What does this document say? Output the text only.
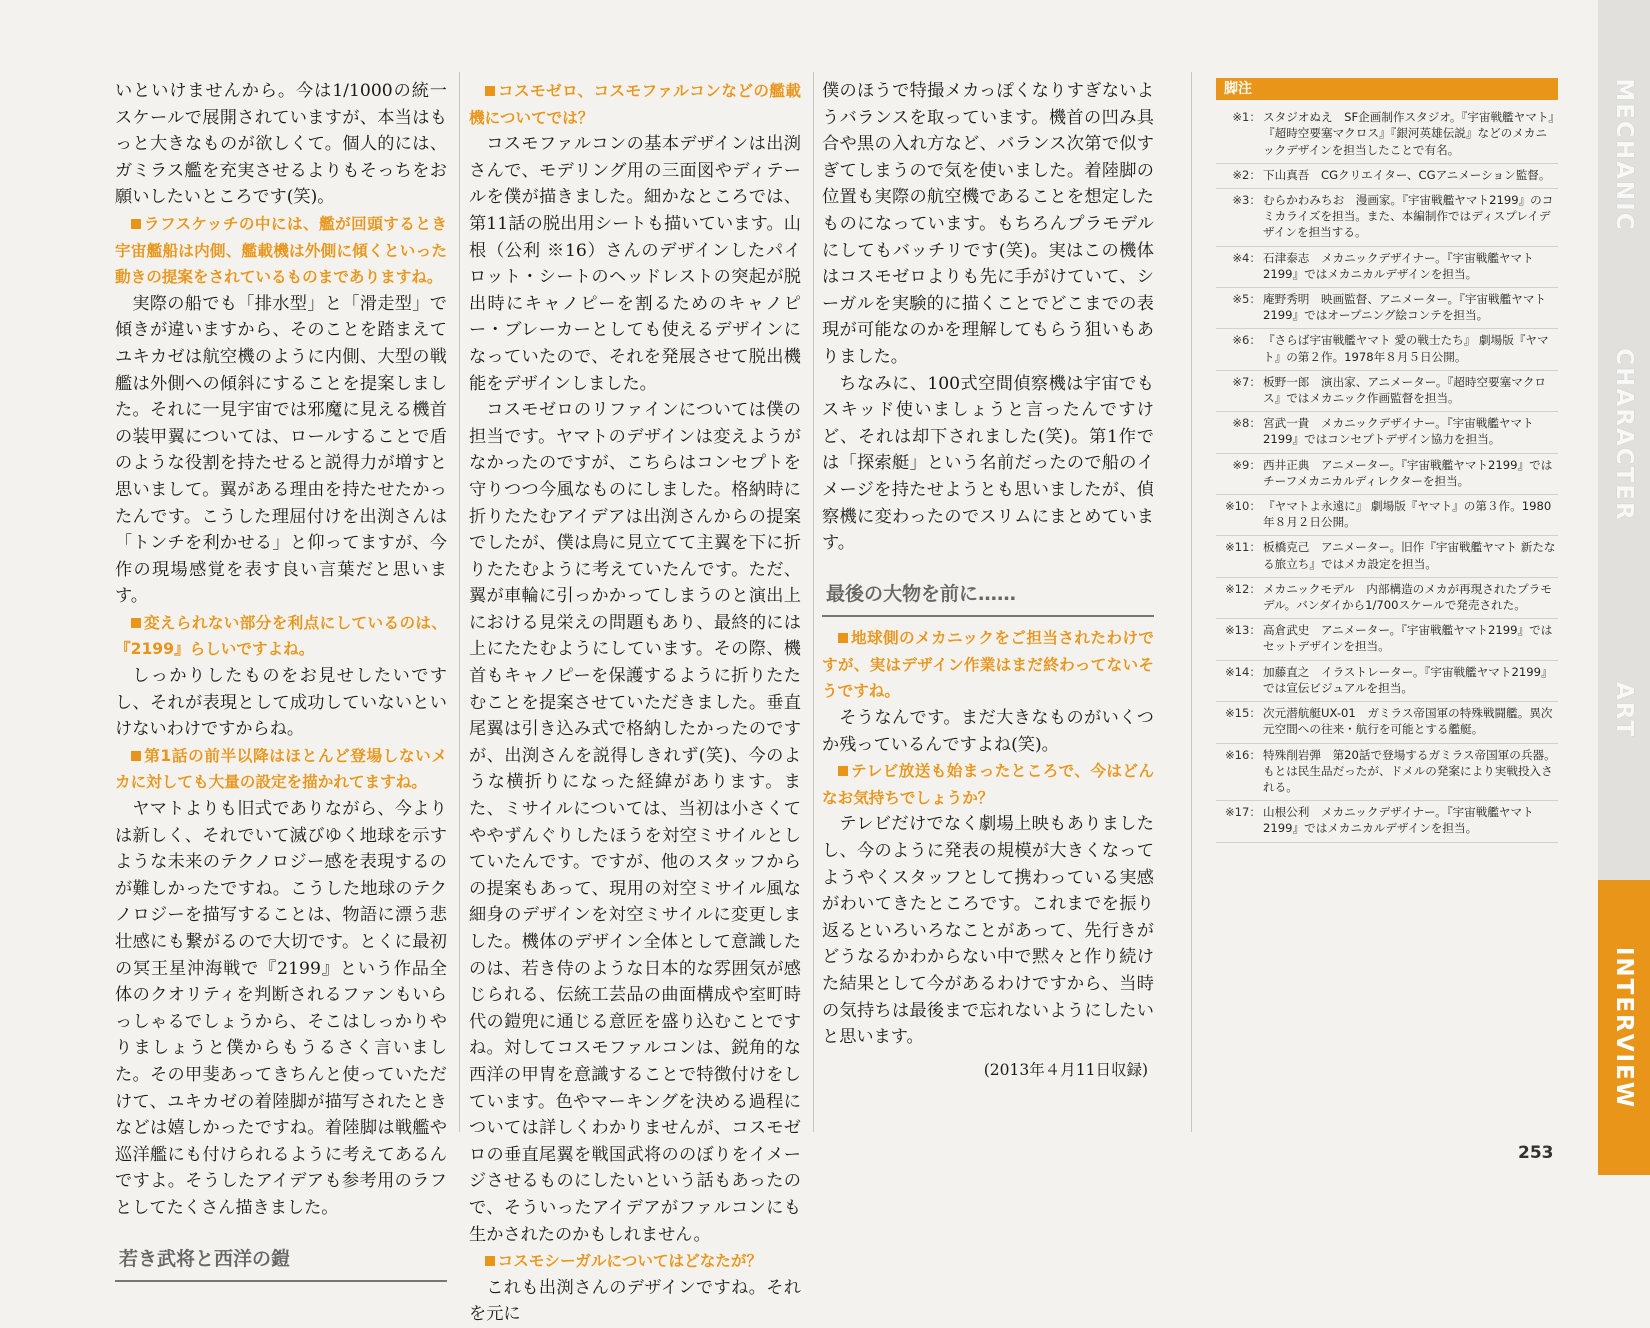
いといけませんから。今は1/1000の統一スケールで展開されていますが、本当はもっと大きなものが欲しくて。個人的には、ガミラス艦を充実させるよりもそっちをお願いしたいところです(笑)。

ラフスケッチの中には、艦が回頭するとき宇宙艦船は内側、艦載機は外側に傾くといった動きの提案をされているものまでありますね。

実際の船でも「排水型」と「滑走型」で傾きが違いますから、そのことを踏まえてユキカゼは航空機のように内側、大型の戦艦は外側への傾斜にすることを提案しました。それに一見宇宙では邪魔に見える機首の装甲翼については、ロールすることで盾のような役割を持たせると説得力が増すと思いまして。翼がある理由を持たせたかったんです。こうした理屈付けを出渕さんは「トンチを利かせる」と仰ってますが、今作の現場感覚を表す良い言葉だと思います。

変えられない部分を利点にしているのは、『2199』らしいですよね。

しっかりしたものをお見せしたいですし、それが表現として成功していないといけないわけですからね。

第1話の前半以降はほとんど登場しないメカに対しても大量の設定を描かれてますね。

ヤマトよりも旧式でありながら、今よりは新しく、それでいて滅びゆく地球を示すような未来のテクノロジー感を表現するのが難しかったですね。こうした地球のテクノロジーを描写することは、物語に漂う悲壮感にも繋がるので大切です。とくに最初の冥王星沖海戦で『2199』という作品全体のクオリティを判断されるファンもいらっしゃるでしょうから、そこはしっかりやりましょうと僕からもうるさく言いました。その甲斐あってきちんと使っていただけて、ユキカゼの着陸脚が描写されたときなどは嬉しかったですね。着陸脚は戦艦や巡洋艦にも付けられるように考えてあるんですよ。そうしたアイデアも参考用のラフとしてたくさん描きました。

若き武将と西洋の鎧

コスモゼロ、コスモファルコンなどの艦載機についてでは？

コスモファルコンの基本デザインは出渕さんで、モデリング用の三面図やディテールを僕が描きました。細かなところでは、第11話の脱出用シートも描いています。山根（公利 ※16）さんのデザインしたパイロット・シートのヘッドレストの突起が脱出時にキャノピーを割るためのキャノピー・ブレーカーとしても使えるデザインになっていたので、それを発展させて脱出機能をデザインしました。

コスモゼロのリファインについては僕の担当です。ヤマトのデザインは変えようがなかったのですが、こちらはコンセプトを守りつつ今風なものにしました。格納時に折りたたむアイデアは出渕さんからの提案でしたが、僕は鳥に見立てて主翼を下に折りたたむように考えていたんです。ただ、翼が車輪に引っかかってしまうのと演出上における見栄えの問題もあり、最終的には上にたたむようにしています。その際、機首もキャノピーを保護するように折りたたむことを提案させていただきました。垂直尾翼は引き込み式で格納したかったのですが、出渕さんを説得しきれず(笑)、今のような横折りになった経緯があります。また、ミサイルについては、当初は小さくてややずんぐりしたほうを対空ミサイルとしていたんです。ですが、他のスタッフからの提案もあって、現用の対空ミサイル風な細身のデザインを対空ミサイルに変更しました。機体のデザイン全体として意識したのは、若き侍のような日本的な雰囲気が感じられる、伝統工芸品の曲面構成や室町時代の鎧兜に通じる意匠を盛り込むことですね。対してコスモファルコンは、鋭角的な西洋の甲冑を意識することで特徴付けをしています。色やマーキングを決める過程については詳しくわかりませんが、コスモゼロの垂直尾翼を戦国武将ののぼりをイメージさせるものにしたいという話もあったので、そういったアイデアがファルコンにも生かされたのかもしれません。

コスモシーガルについてはどなたが？

これも出渕さんのデザインですね。それを元に

僕のほうで特撮メカっぽくなりすぎないようバランスを取っています。機首の凹み具合や黒の入れ方など、バランス次第で似すぎてしまうので気を使いました。着陸脚の位置も実際の航空機であることを想定したものになっています。もちろんプラモデルにしてもバッチリです(笑)。実はこの機体はコスモゼロよりも先に手がけていて、シーガルを実験的に描くことでどこまでの表現が可能なのかを理解してもらう狙いもありました。

ちなみに、100式空間偵察機は宇宙でもスキッド使いましょうと言ったんですけど、それは却下されました(笑)。第1作では「探索艇」という名前だったので船のイメージを持たせようとも思いましたが、偵察機に変わったのでスリムにまとめています。

最後の大物を前に……

地球側のメカニックをご担当されたわけですが、実はデザイン作業はまだ終わってないそうですね。

そうなんです。まだ大きなものがいくつか残っているんですよね(笑)。

テレビ放送も始まったところで、今はどんなお気持ちでしょうか？

テレビだけでなく劇場上映もありましたし、今のように発表の規模が大きくなってようやくスタッフとして携わっている実感がわいてきたところです。これまでを振り返るといろいろなことがあって、先行きがどうなるかわからない中で黙々と作り続けた結果として今があるわけですから、当時の気持ちは最後まで忘れないようにしたいと思います。

(2013年４月11日収録)
脚注
※1： スタジオぬえ　SF企画制作スタジオ。『宇宙戦艦ヤマト』『超時空要塞マクロス』『銀河英雄伝説』などのメカニックデザインを担当したことで有名。
※2： 下山真吾　CGクリエイター、CGアニメーション監督。
※3： むらかわみちお　漫画家。『宇宙戦艦ヤマト2199』のコミカライズを担当。また、本編制作ではディスプレイデザインを担当する。
※4： 石津泰志　メカニックデザイナー。『宇宙戦艦ヤマト2199』ではメカニカルデザインを担当。
※5： 庵野秀明　映画監督、アニメーター。『宇宙戦艦ヤマト2199』ではオープニング絵コンテを担当。
※6： 『さらば宇宙戦艦ヤマト 愛の戦士たち』 劇場版『ヤマト』の第２作。1978年８月５日公開。
※7： 板野一郎　演出家、アニメーター。『超時空要塞マクロス』ではメカニック作画監督を担当。
※8： 宮武一貴　メカニックデザイナー。『宇宙戦艦ヤマト2199』ではコンセプトデザイン協力を担当。
※9： 西井正典　アニメーター。『宇宙戦艦ヤマト2199』ではチーフメカニカルディレクターを担当。
※10： 『ヤマトよ永遠に』 劇場版『ヤマト』の第３作。1980年８月２日公開。
※11： 板橋克己　アニメーター。旧作『宇宙戦艦ヤマト 新たなる旅立ち』ではメカ設定を担当。
※12： メカニックモデル　内部構造のメカが再現されたプラモデル。バンダイから1/700スケールで発売された。
※13： 高倉武史　アニメーター。『宇宙戦艦ヤマト2199』ではセットデザインを担当。
※14： 加藤直之　イラストレーター。『宇宙戦艦ヤマト2199』では宣伝ビジュアルを担当。
※15： 次元潜航艇UX-01　ガミラス帝国軍の特殊戦闘艦。異次元空間への往来・航行を可能とする艦艇。
※16： 特殊削岩弾　第20話で登場するガミラス帝国軍の兵器。もとは民生品だったが、ドメルの発案により実戦投入される。
※17： 山根公利　メカニックデザイナー。『宇宙戦艦ヤマト2199』ではメカニカルデザインを担当。
MECHANIC
CHARACTER
ART
INTERVIEW
253
